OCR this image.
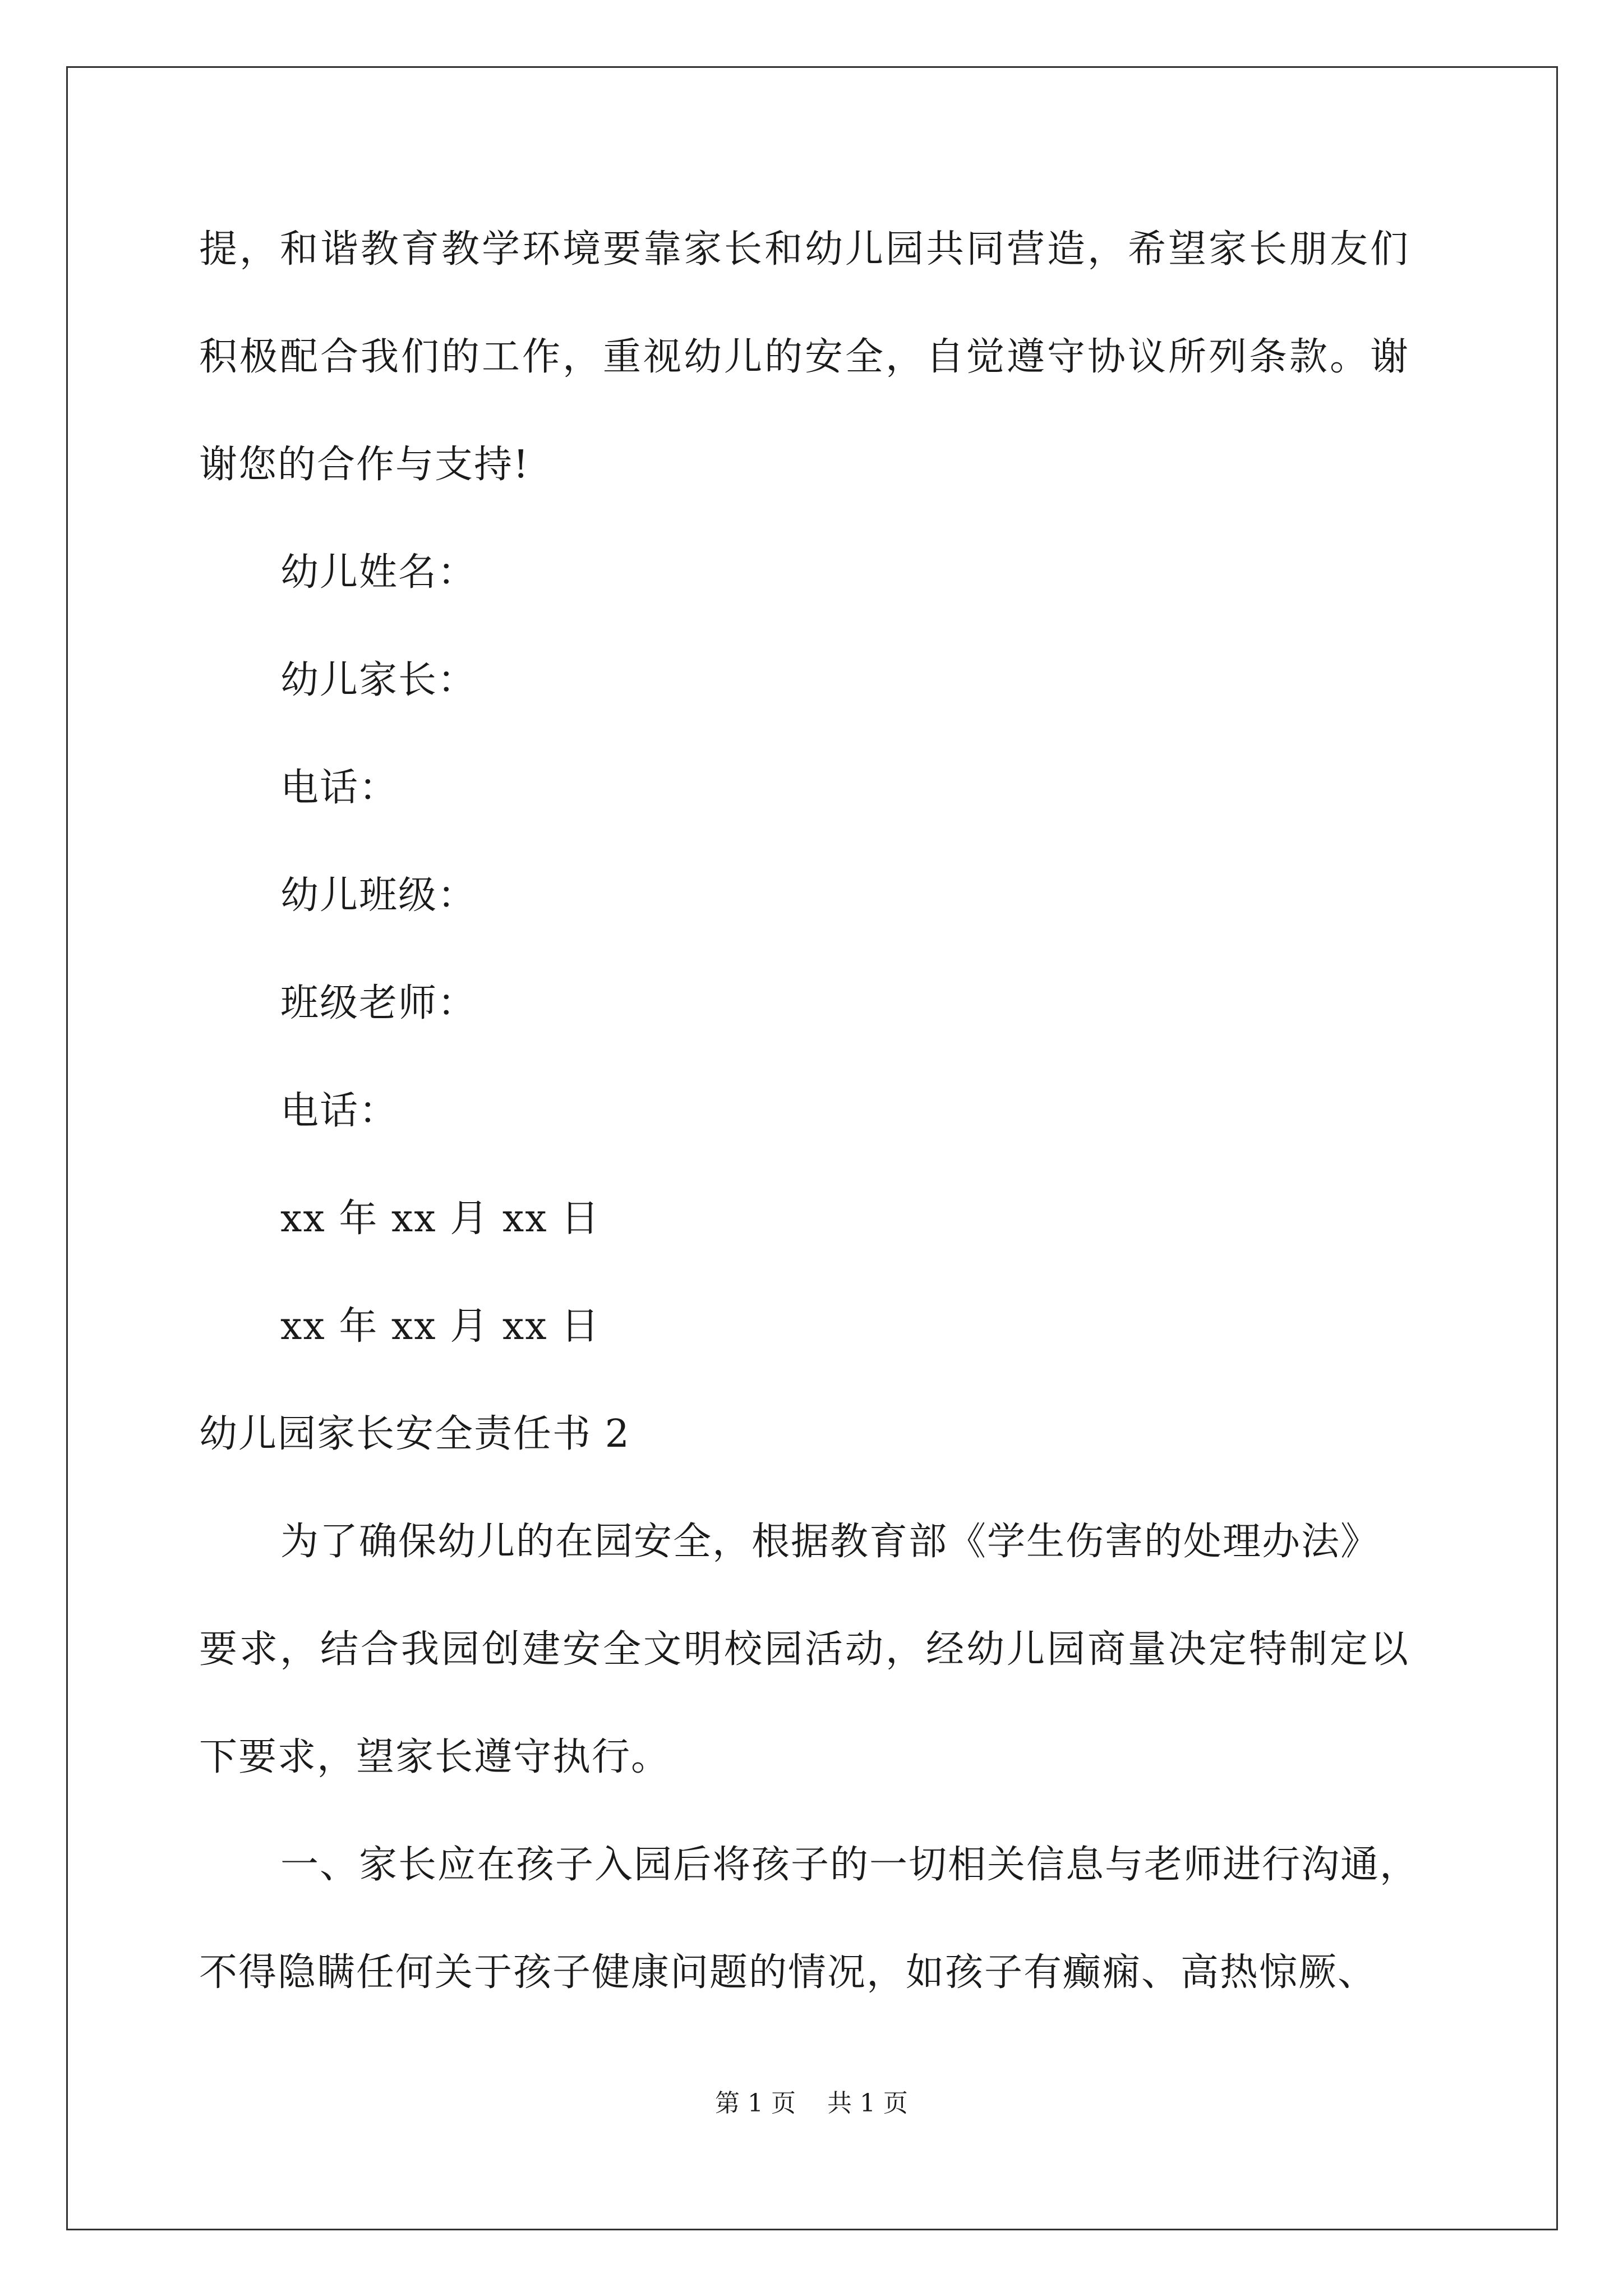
提，和谐教育教学环境要靠家长和幼儿园共同营造，希望家长朋友们
积极配合我们的工作，重视幼儿的安全，自觉遵守协议所列条款。谢
谢您的合作与支持!
幼儿姓名：
幼儿家长：
电话：
幼儿班级：
班级老师：
电话：
xx 年 xx 月 xx 日
xx 年 xx 月 xx 日
幼儿园家长安全责任书 2
为了确保幼儿的在园安全，根据教育部《学生伤害的处理办法》
要求，结合我园创建安全文明校园活动，经幼儿园商量决定特制定以
下要求，望家长遵守执行。
一、家长应在孩子入园后将孩子的一切相关信息与老师进行沟通，
不得隐瞒任何关于孩子健康问题的情况，如孩子有癫痫、高热惊厥、
第 1 页    共 1 页
